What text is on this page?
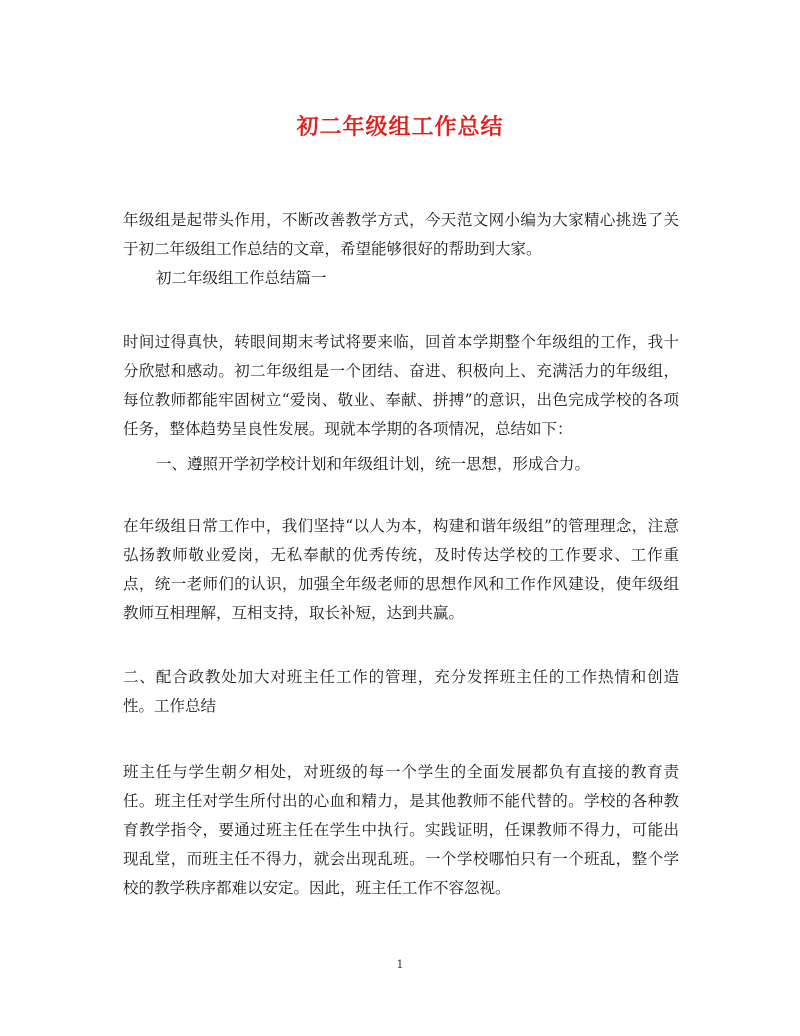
初二年级组工作总结

年级组是起带头作用，不断改善教学方式，今天范文网小编为大家精心挑选了关于初二年级组工作总结的文章，希望能够很好的帮助到大家。

初二年级组工作总结篇一

时间过得真快，转眼间期末考试将要来临，回首本学期整个年级组的工作，我十分欣慰和感动。初二年级组是一个团结、奋进、积极向上、充满活力的年级组，每位教师都能牢固树立“爱岗、敬业、奉献、拼搏”的意识，出色完成学校的各项任务，整体趋势呈良性发展。现就本学期的各项情况，总结如下：

一、遵照开学初学校计划和年级组计划，统一思想，形成合力。

在年级组日常工作中，我们坚持“以人为本，构建和谐年级组”的管理理念，注意弘扬教师敬业爱岗，无私奉献的优秀传统，及时传达学校的工作要求、工作重点，统一老师们的认识，加强全年级老师的思想作风和工作作风建设，使年级组教师互相理解，互相支持，取长补短，达到共赢。

二、配合政教处加大对班主任工作的管理，充分发挥班主任的工作热情和创造性。工作总结

班主任与学生朝夕相处，对班级的每一个学生的全面发展都负有直接的教育责任。班主任对学生所付出的心血和精力，是其他教师不能代替的。学校的各种教育教学指令，要通过班主任在学生中执行。实践证明，任课教师不得力，可能出现乱堂，而班主任不得力，就会出现乱班。一个学校哪怕只有一个班乱，整个学校的教学秩序都难以安定。因此，班主任工作不容忽视。

1
